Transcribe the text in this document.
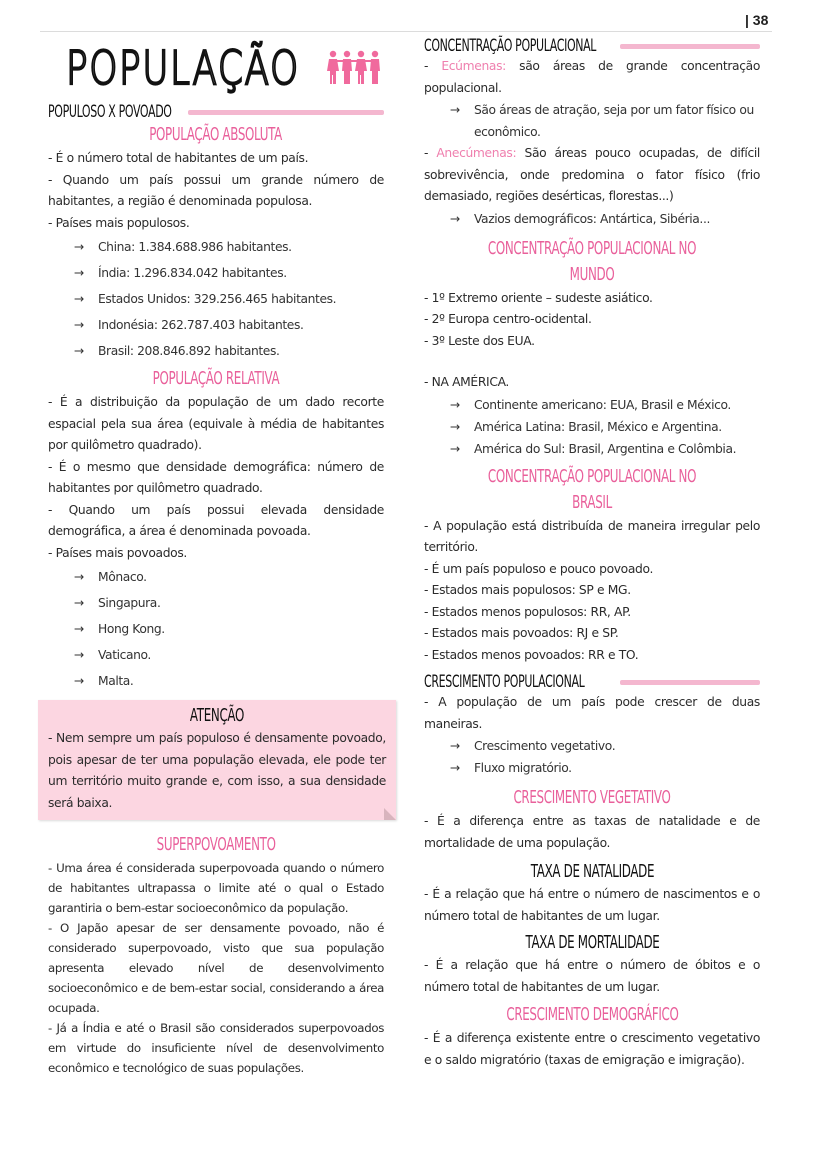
| 38
POPULAÇÃO
POPULOSO X POVOADO
POPULAÇÃO ABSOLUTA

- É o número total de habitantes de um país.

- Quando um país possui um grande número de habitantes, a região é denominada populosa.

- Países mais populosos.

→	China: 1.384.688.986 habitantes.
→	Índia: 1.296.834.042 habitantes.
→	Estados Unidos: 329.256.465 habitantes.
→	Indonésia: 262.787.403 habitantes.
→	Brasil: 208.846.892 habitantes.
POPULAÇÃO RELATIVA

- É a distribuição da população de um dado recorte espacial pela sua área (equivale à média de habitantes por quilômetro quadrado).

- É o mesmo que densidade demográfica: número de habitantes por quilômetro quadrado.

- Quando um país possui elevada densidade demográfica, a área é denominada povoada.

- Países mais povoados.

→	Mônaco.
→	Singapura.
→	Hong Kong.
→	Vaticano.
→	Malta.
ATENÇÃO

- Nem sempre um país populoso é densamente povoado, pois apesar de ter uma população elevada, ele pode ter um território muito grande e, com isso, a sua densidade será baixa.

SUPERPOVOAMENTO

- Uma área é considerada superpovoada quando o número de habitantes ultrapassa o limite até o qual o Estado garantiria o bem-estar socioeconômico da população.

- O Japão apesar de ser densamente povoado, não é considerado superpovoado, visto que sua população apresenta elevado nível de desenvolvimento socioeconômico e de bem-estar social, considerando a área ocupada.

- Já a Índia e até o Brasil são considerados superpovoados em virtude do insuficiente nível de desenvolvimento econômico e tecnológico de suas populações.

CONCENTRAÇÃO POPULACIONAL

- Ecúmenas: são áreas de grande concentração populacional.

→	São áreas de atração, seja por um fator físico ou econômico.

- Anecúmenas: São áreas pouco ocupadas, de difícil sobrevivência, onde predomina o fator físico (frio demasiado, regiões desérticas, florestas...)

→	Vazios demográficos: Antártica, Sibéria...
CONCENTRAÇÃO POPULACIONAL NO MUNDO

- 1º Extremo oriente – sudeste asiático.

- 2º Europa centro-ocidental.

- 3º Leste dos EUA.

- NA AMÉRICA.

→	Continente americano: EUA, Brasil e México.
→	América Latina: Brasil, México e Argentina.
→	América do Sul: Brasil, Argentina e Colômbia.
CONCENTRAÇÃO POPULACIONAL NO BRASIL

- A população está distribuída de maneira irregular pelo território.

- É um país populoso e pouco povoado.

- Estados mais populosos: SP e MG.

- Estados menos populosos: RR, AP.

- Estados mais povoados: RJ e SP.

- Estados menos povoados: RR e TO.

CRESCIMENTO POPULACIONAL

- A população de um país pode crescer de duas maneiras.

→	Crescimento vegetativo.
→	Fluxo migratório.
CRESCIMENTO VEGETATIVO

- É a diferença entre as taxas de natalidade e de mortalidade de uma população.

TAXA DE NATALIDADE

- É a relação que há entre o número de nascimentos e o número total de habitantes de um lugar.

TAXA DE MORTALIDADE

- É a relação que há entre o número de óbitos e o número total de habitantes de um lugar.

CRESCIMENTO DEMOGRÁFICO

- É a diferença existente entre o crescimento vegetativo e o saldo migratório (taxas de emigração e imigração).
